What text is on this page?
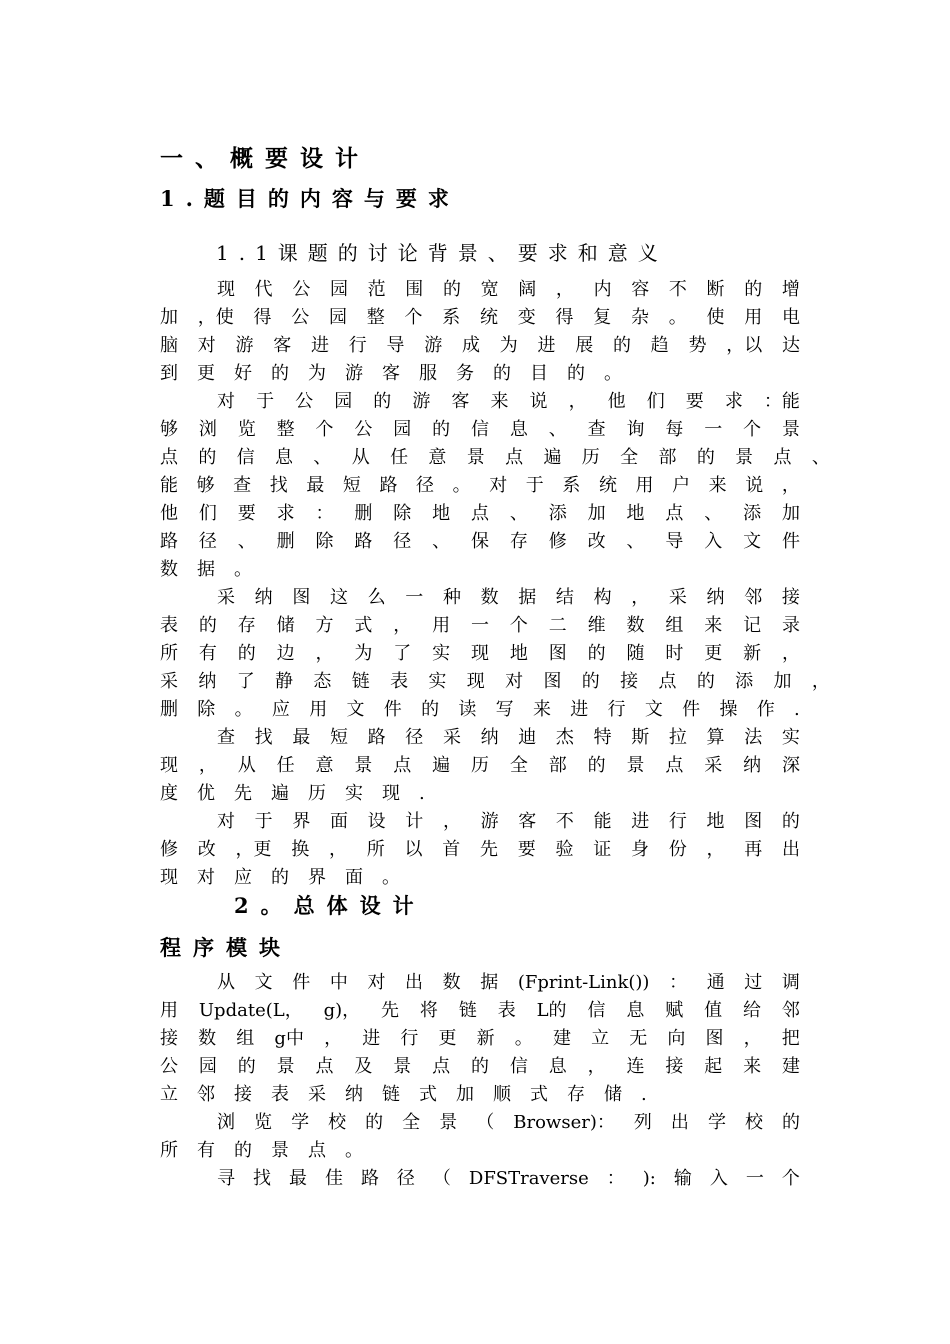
一、概要设计
1.题目的内容与要求
1.1课题的讨论背景、要求和意义
现 代 公 园 范 围 的 宽 阔 ， 内 容 不 断 的 增
加 ，使 得 公 园 整 个 系 统 变 得 复 杂 。 使 用 电
脑 对 游 客 进 行 导 游 成 为 进 展 的 趋 势 ，以 达
到 更 好 的 为 游 客 服 务 的 目 的 。
对 于 公 园 的 游 客 来 说 ， 他 们 要 求 ：能
够 浏 览 整 个 公 园 的 信 息 、 查 询 每 一 个 景
点 的 信 息 、 从 任 意 景 点 遍 历 全 部 的 景 点 、
能 够 查 找 最 短 路 径 。 对 于 系 统 用 户 来 说 ，
他 们 要 求 ： 删 除 地 点 、 添 加 地 点 、 添 加
路 径 、 删 除 路 径 、 保 存 修 改 、 导 入 文 件
数 据 。
采 纳 图 这 么 一 种 数 据 结 构 ， 采 纳 邻 接
表 的 存 储 方 式 ， 用 一 个 二 维 数 组 来 记 录
所 有 的 边 ， 为 了 实 现 地 图 的 随 时 更 新 ，
采 纳 了 静 态 链 表 实 现 对 图 的 接 点 的 添 加 ，
删 除 。 应 用 文 件 的 读 写 来 进 行 文 件 操 作 .
查 找 最 短 路 径 采 纳 迪 杰 特 斯 拉 算 法 实
现 ， 从 任 意 景 点 遍 历 全 部 的 景 点 采 纳 深
度 优 先 遍 历 实 现 .
对 于 界 面 设 计 ， 游 客 不 能 进 行 地 图 的
修 改 ，更 换 ， 所 以 首 先 要 验 证 身 份 ， 再 出
现 对 应 的 界 面 。
2。总体设计
程序模块
从 文 件 中 对 出 数 据 (Fprint-Link()) ： 通 过 调
用 Update(L， g)， 先 将 链 表 L的 信 息 赋 值 给 邻
接 数 组 g中 ， 进 行 更 新 。 建 立 无 向 图 ， 把
公 园 的 景 点 及 景 点 的 信 息 ， 连 接 起 来 建
立 邻 接 表 采 纳 链 式 加 顺 式 存 储 .
浏 览 学 校 的 全 景 （ Browser)： 列 出 学 校 的
所 有 的 景 点 。
寻 找 最 佳 路 径 （ DFSTraverse ： ): 输 入 一 个
